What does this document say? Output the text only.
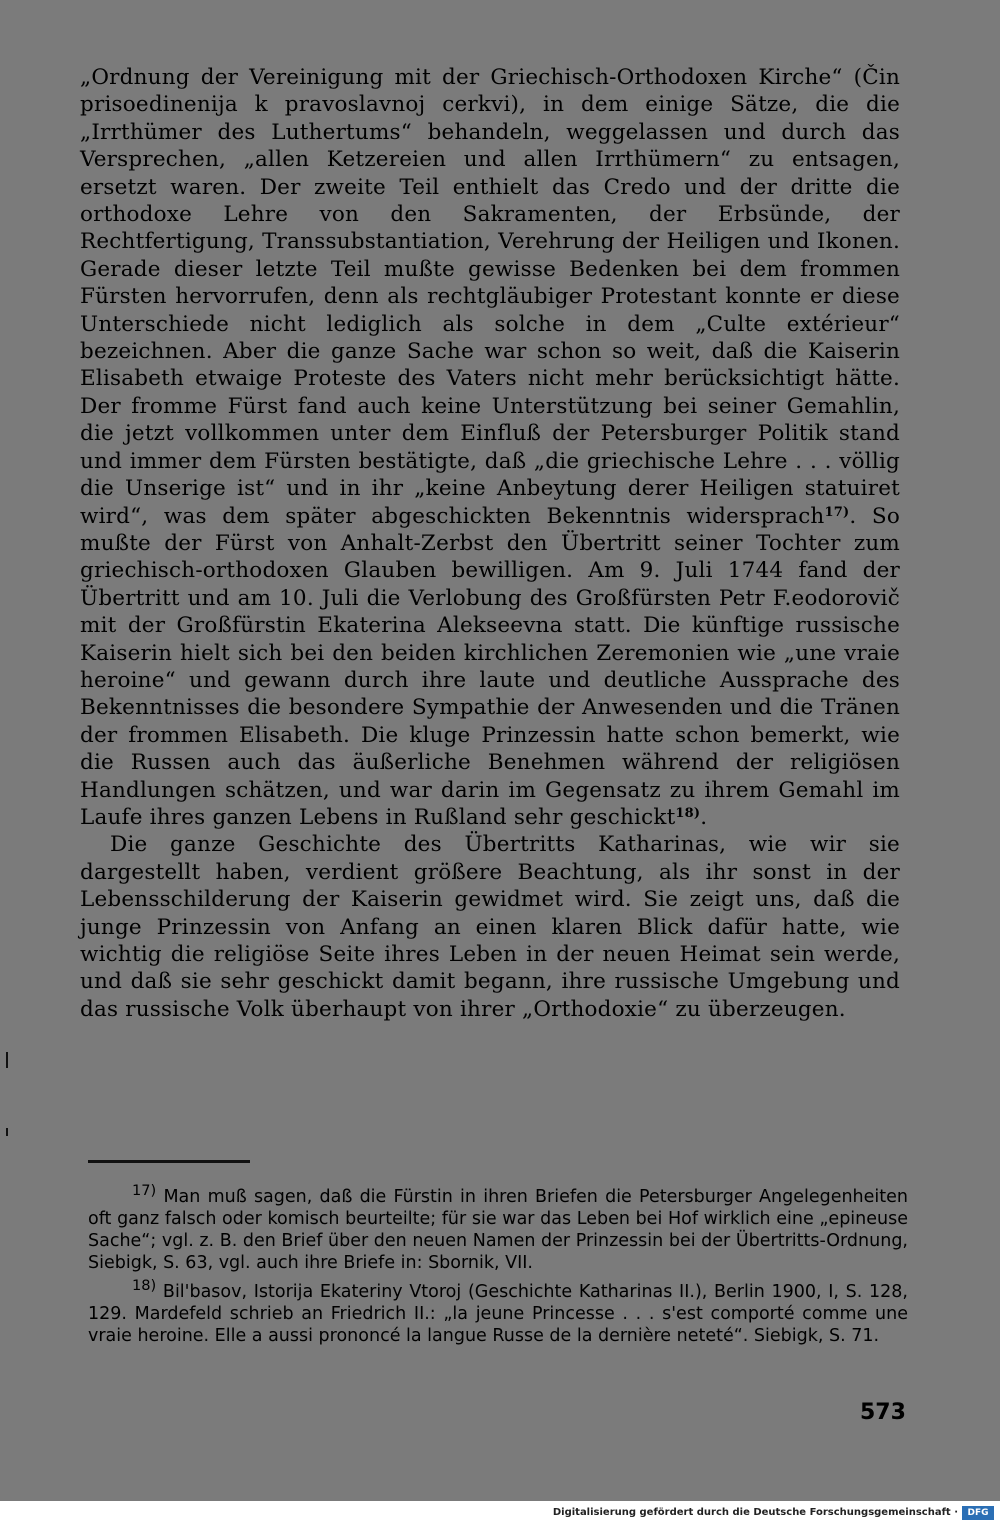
„Ordnung der Vereinigung mit der Griechisch-Orthodoxen Kirche“ (Čin prisoedinenija k pravoslavnoj cerkvi), in dem einige Sätze, die die „Irrthümer des Luthertums“ behandeln, weggelassen und durch das Versprechen, „allen Ketzereien und allen Irrthümern“ zu entsagen, ersetzt waren. Der zweite Teil enthielt das Credo und der dritte die orthodoxe Lehre von den Sakramenten, der Erbsünde, der Rechtfertigung, Transsubstantiation, Verehrung der Heiligen und Ikonen. Gerade dieser letzte Teil mußte gewisse Bedenken bei dem frommen Fürsten hervorrufen, denn als rechtgläubiger Protestant konnte er diese Unterschiede nicht lediglich als solche in dem „Culte extérieur“ bezeichnen. Aber die ganze Sache war schon so weit, daß die Kaiserin Elisabeth etwaige Proteste des Vaters nicht mehr berücksichtigt hätte. Der fromme Fürst fand auch keine Unterstützung bei seiner Gemahlin, die jetzt vollkommen unter dem Einfluß der Petersburger Politik stand und immer dem Fürsten bestätigte, daß „die griechische Lehre . . . völlig die Unserige ist“ und in ihr „keine Anbeytung derer Heiligen statuiret wird“, was dem später abgeschickten Bekenntnis widersprach$^{17)}$. So mußte der Fürst von Anhalt-Zerbst den Übertritt seiner Tochter zum griechisch-orthodoxen Glauben bewilligen. Am 9. Juli 1744 fand der Übertritt und am 10. Juli die Verlobung des Großfürsten Petr F.eodorovič mit der Großfürstin Ekaterina Alekseevna statt. Die künftige russische Kaiserin hielt sich bei den beiden kirchlichen Zeremonien wie „une vraie heroine“ und gewann durch ihre laute und deutliche Aussprache des Bekenntnisses die besondere Sympathie der Anwesenden und die Tränen der frommen Elisabeth. Die kluge Prinzessin hatte schon bemerkt, wie die Russen auch das äußerliche Benehmen während der religiösen Handlungen schätzen, und war darin im Gegensatz zu ihrem Gemahl im Laufe ihres ganzen Lebens in Rußland sehr geschickt$^{18)}$.

Die ganze Geschichte des Übertritts Katharinas, wie wir sie dargestellt haben, verdient größere Beachtung, als ihr sonst in der Lebensschilderung der Kaiserin gewidmet wird. Sie zeigt uns, daß die junge Prinzessin von Anfang an einen klaren Blick dafür hatte, wie wichtig die religiöse Seite ihres Leben in der neuen Heimat sein werde, und daß sie sehr geschickt damit begann, ihre russische Umgebung und das russische Volk überhaupt von ihrer „Orthodoxie“ zu überzeugen.

$^{17)}$ Man muß sagen, daß die Fürstin in ihren Briefen die Petersburger Angelegenheiten oft ganz falsch oder komisch beurteilte; für sie war das Leben bei Hof wirklich eine „epineuse Sache“; vgl. z. B. den Brief über den neuen Namen der Prinzessin bei der Übertritts-Ordnung, Siebigk, S. 63, vgl. auch ihre Briefe in: Sbornik, VII.

$^{18)}$ Bil'basov, Istorija Ekateriny Vtoroj (Geschichte Katharinas II.), Berlin 1900, I, S. 128, 129. Mardefeld schrieb an Friedrich II.: „la jeune Princesse . . . s'est comporté comme une vraie heroine. Elle a aussi prononcé la langue Russe de la dernière neteté“. Siebigk, S. 71.

573
Digitalisierung gefördert durch die Deutsche Forschungsgemeinschaft ·	DFG
